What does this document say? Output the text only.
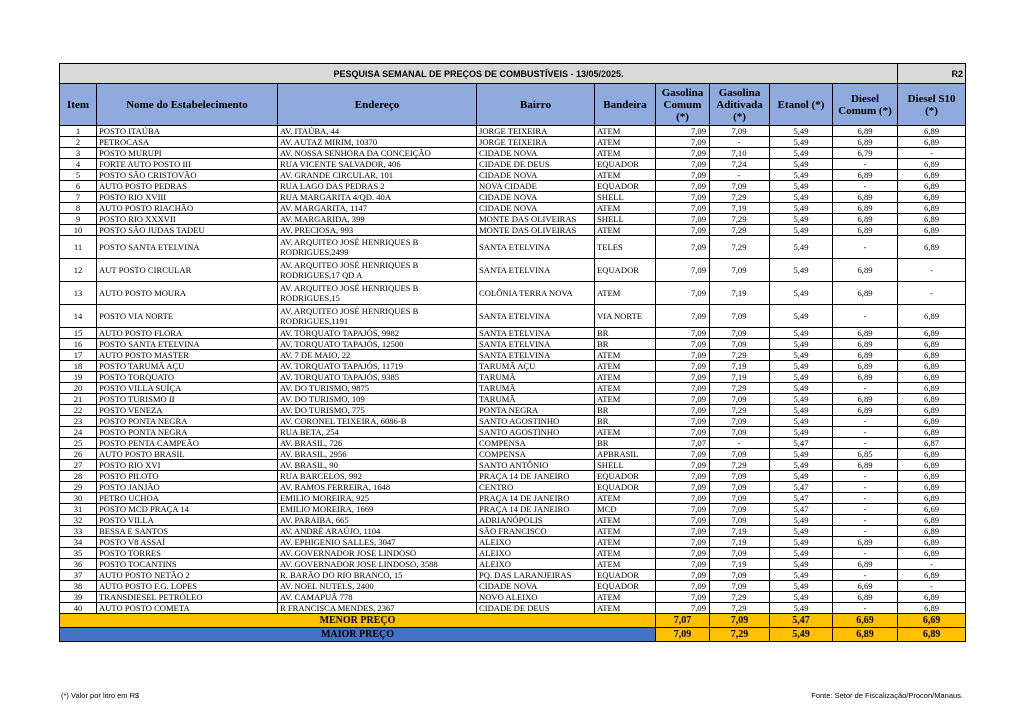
PESQUISA SEMANAL DE PREÇOS DE COMBUSTÍVEIS - 13/05/2025.									R2
Item	Nome do Estabelecimento	Endereço	Bairro	Bandeira	Gasolina Comum (*)	Gasolina Aditivada (*)	Etanol (*)	Diesel Comum (*)	Diesel S10 (*)
1	POSTO ITAÚBA	AV. ITAÚBA, 44	JORGE TEIXEIRA	ATEM	7,09	7,09	5,49	6,89	6,89
2	PETROCASA	AV. AUTAZ MIRIM, 10370	JORGE TEIXEIRA	ATEM	7,09	-	5,49	6,89	6,89
3	POSTO MURUPI	AV. NOSSA SENHORA DA CONCEIÇÃO	CIDADE NOVA	ATEM	7,09	7,10	5,49	6,79	-
4	FORTE AUTO POSTO III	RUA VICENTE SALVADOR, 406	CIDADE DE DEUS	EQUADOR	7,09	7,24	5,49	-	6,89
5	POSTO SÃO CRISTOVÃO	AV. GRANDE CIRCULAR, 101	CIDADE NOVA	ATEM	7,09	-	5,49	6,89	6,89
6	AUTO POSTO PEDRAS	RUA LAGO DAS PEDRAS 2	NOVA CIDADE	EQUADOR	7,09	7,09	5,49	-	6,89
7	POSTO RIO XVIII	RUA MARGARITA 4/QD. 40A	CIDADE NOVA	SHELL	7,09	7,29	5,49	6,89	6,89
8	AUTO POSTO RIACHÃO	AV. MARGARITA, 1147	CIDADE NOVA	ATEM	7,09	7,19	5,49	6,89	6,89
9	POSTO RIO XXXVII	AV. MARGARIDA, 399	MONTE DAS OLIVEIRAS	SHELL	7,09	7,29	5,49	6,89	6,89
10	POSTO SÃO JUDAS TADEU	AV. PRECIOSA, 993	MONTE DAS OLIVEIRAS	ATEM	7,09	7,29	5,49	6,89	6,89
11	POSTO SANTA ETELVINA	AV. ARQUITEO JOSÉ HENRIQUES B RODRIGUES,2499	SANTA ETELVINA	TELES	7,09	7,29	5,49	-	6,89
12	AUT POSTO CIRCULAR	AV. ARQUITEO JOSÉ HENRIQUES B RODRIGUES,17 QD A	SANTA ETELVINA	EQUADOR	7,09	7,09	5,49	6,89	-
13	AUTO POSTO MOURA	AV. ARQUITEO JOSÉ HENRIQUES B RODRIGUES,15	COLÔNIA TERRA NOVA	ATEM	7,09	7,19	5,49	6,89	-
14	POSTO VIA NORTE	AV. ARQUITEO JOSÉ HENRIQUES B RODRIGUES,1191	SANTA ETELVINA	VIA NORTE	7,09	7,09	5,49	-	6,89
15	AUTO POSTO FLORA	AV. TORQUATO TAPAJÓS, 9982	SANTA ETELVINA	BR	7,09	7,09	5,49	6,89	6,89
16	POSTO SANTA ETELVINA	AV. TORQUATO TAPAJÓS, 12500	SANTA ETELVINA	BR	7,09	7,09	5,49	6,89	6,89
17	AUTO POSTO MASTER	AV. 7 DE MAIO, 22	SANTA ETELVINA	ATEM	7,09	7,29	5,49	6,89	6,89
18	POSTO TARUMÃ AÇU	AV. TORQUATO TAPAJÓS, 11719	TARUMÃ AÇU	ATEM	7,09	7,19	5,49	6,89	6,89
19	POSTO TORQUATO	AV. TORQUATO TAPAJÓS, 9385	TARUMÃ	ATEM	7,09	7,19	5,49	6,89	6,89
20	POSTO VILLA SUÍÇA	AV. DO TURISMO, 9875	TARUMÃ	ATEM	7,09	7,29	5,49	-	6,89
21	POSTO TURISMO II	AV. DO TURISMO, 109	TARUMÃ	ATEM	7,09	7,09	5,49	6,89	6,89
22	POSTO VENEZA	AV. DO TURISMO, 775	PONTA NEGRA	BR	7,09	7,29	5,49	6,89	6,89
23	POSTO PONTA NEGRA	AV. CORONEL TEIXEIRA, 6086-B	SANTO AGOSTINHO	BR	7,09	7,09	5,49	-	6,89
24	POSTO PONTA NEGRA	RUA BETA, 254	SANTO AGOSTINHO	ATEM	7,09	7,09	5,49	-	6,89
25	POSTO PENTA CAMPEÃO	AV. BRASIL, 726	COMPENSA	BR	7,07	-	5,47	-	6,87
26	AUTO POSTO BRASIL	AV. BRASIL, 2956	COMPENSA	APBRASIL	7,09	7,09	5,49	6,85	6,89
27	POSTO RIO XVI	AV. BRASIL, 90	SANTO ANTÔNIO	SHELL	7,09	7,29	5,49	6,89	6,89
28	POSTO PILOTO	RUA BARCELOS, 992	PRAÇA 14 DE JANEIRO	EQUADOR	7,09	7,09	5,49	-	6,89
29	POSTO JANJÃO	AV. RAMOS FERREIRA, 1648	CENTRO	EQUADOR	7,09	7,09	5,47	-	6,89
30	PETRO UCHOA	EMILIO MOREIRA, 925	PRAÇA 14 DE JANEIRO	ATEM	7,09	7,09	5,47	-	6,89
31	POSTO MCD PRAÇA 14	EMILIO MOREIRA, 1669	PRAÇA 14 DE JANEIRO	MCD	7,09	7,09	5,47	-	6,69
32	POSTO VILLA	AV. PARAIBA, 665	ADRIANÓPOLIS	ATEM	7,09	7,09	5,49	-	6,89
33	BESSA E SANTOS	AV. ANDRÉ ARAÚJO, 1104	SÃO FRANCISCO	ATEM	7,09	7,19	5,49	-	6,89
34	POSTO V8 ASSAÍ	AV. EPHIGENIO SALLES, 3047	ALEIXO	ATEM	7,09	7,19	5,49	6,89	6,89
35	POSTO TORRES	AV. GOVERNADOR JOSE LINDOSO	ALEIXO	ATEM	7,09	7,09	5,49	-	6,89
36	POSTO TOCANTINS	AV. GOVERNADOR JOSE LINDOSO, 3588	ALEIXO	ATEM	7,09	7,19	5,49	6,89	-
37	AUTO POSTO NETÃO 2	R. BARÃO DO RIO BRANCO, 15	PQ. DAS LARANJEIRAS	EQUADOR	7,09	7,09	5,49	-	6,89
38	AUTO POSTO F.G. LOPES	AV. NOEL NUTELS, 2400	CIDADE NOVA	EQUADOR	7,09	7,09	5,49	6,69	-
39	TRANSDIESEL PETRÓLEO	AV. CAMAPUÃ 778	NOVO ALEIXO	ATEM	7,09	7,29	5,49	6,89	6,89
40	AUTO POSTO COMETA	R FRANCISCA MENDES, 2367	CIDADE DE DEUS	ATEM	7,09	7,29	5,49	-	6,89
MENOR PREÇO					7,07	7,09	5,47	6,69	6,69
MAIOR PREÇO					7,09	7,29	5,49	6,89	6,89
(*) Valor por litro em R$	Fonte: Setor de Fiscalização/Procon/Manaus.
